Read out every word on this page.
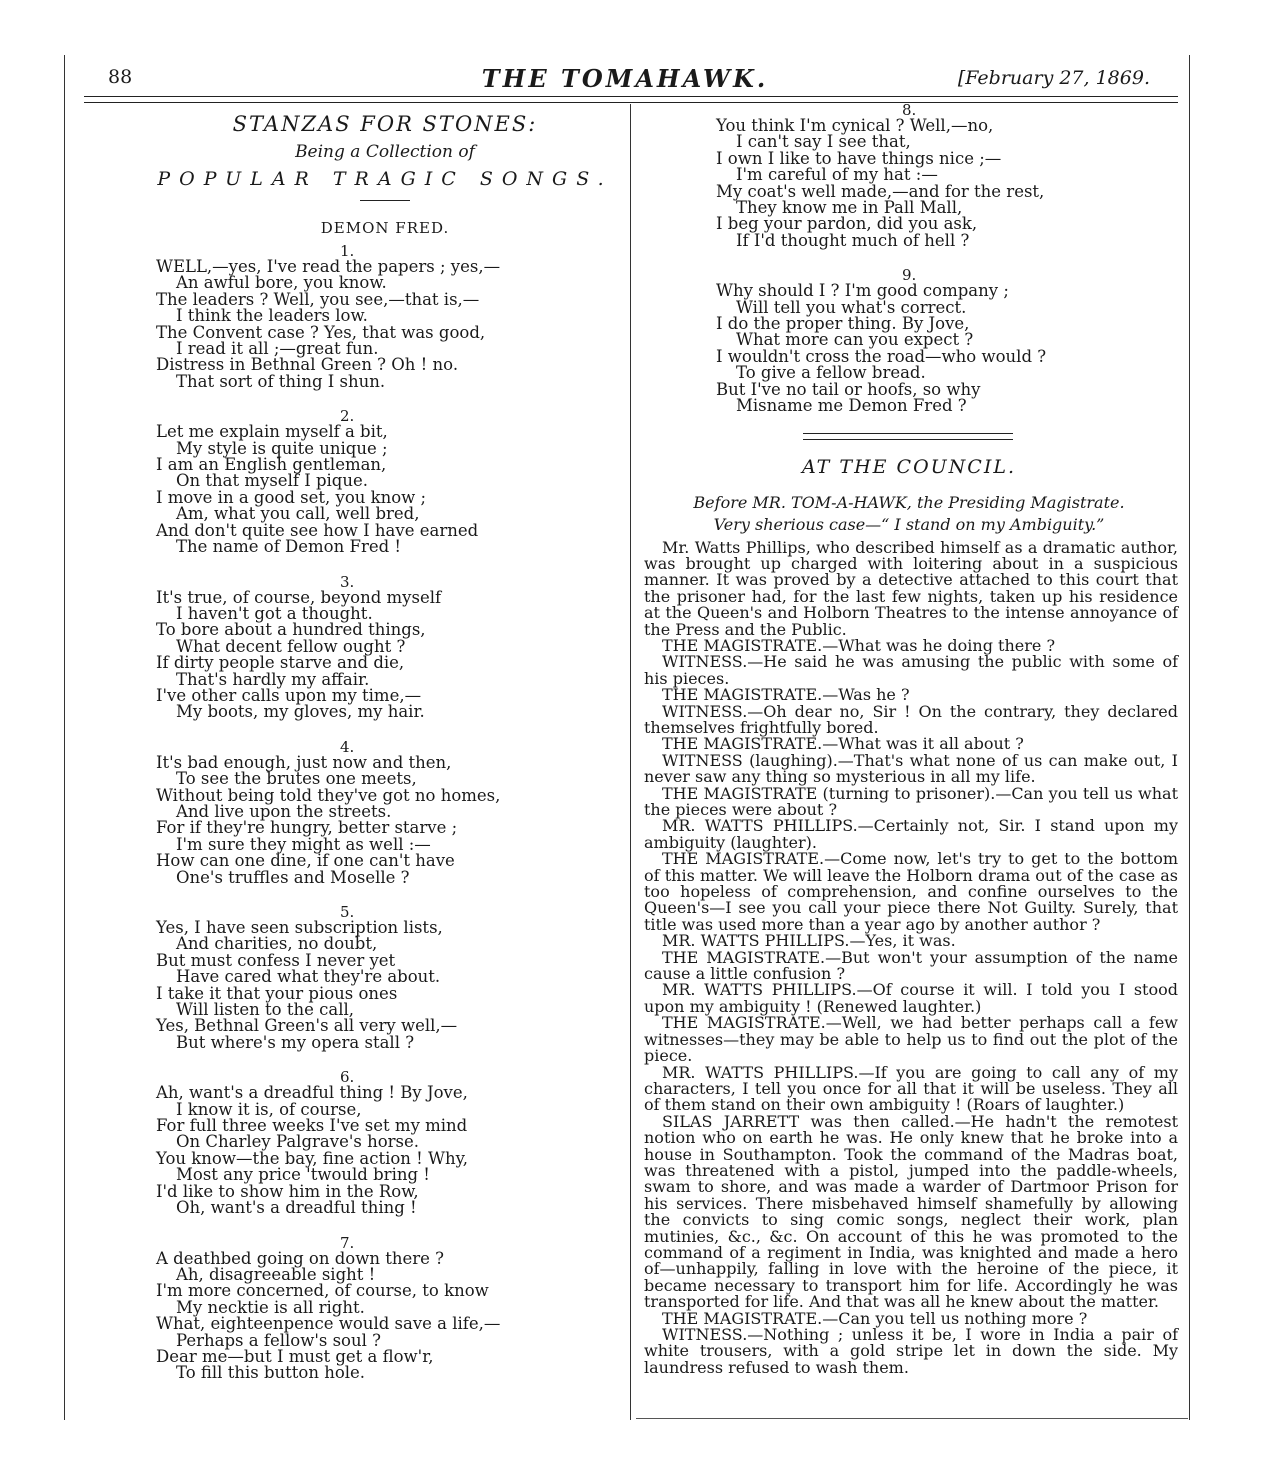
88	THE TOMAHAWK.	[February 27, 1869.
STANZAS FOR STONES:
Being a Collection of
POPULAR TRAGIC SONGS.
DEMON FRED.
1.
WELL,—yes, I've read the papers ; yes,—
An awful bore, you know.
The leaders ? Well, you see,—that is,—
I think the leaders low.
The Convent case ? Yes, that was good,
I read it all ;—great fun.
Distress in Bethnal Green ? Oh ! no.
That sort of thing I shun.
2.
Let me explain myself a bit,
My style is quite unique ;
I am an English gentleman,
On that myself I pique.
I move in a good set, you know ;
Am, what you call, well bred,
And don't quite see how I have earned
The name of Demon Fred !
3.
It's true, of course, beyond myself
I haven't got a thought.
To bore about a hundred things,
What decent fellow ought ?
If dirty people starve and die,
That's hardly my affair.
I've other calls upon my time,—
My boots, my gloves, my hair.
4.
It's bad enough, just now and then,
To see the brutes one meets,
Without being told they've got no homes,
And live upon the streets.
For if they're hungry, better starve ;
I'm sure they might as well :—
How can one dine, if one can't have
One's truffles and Moselle ?
5.
Yes, I have seen subscription lists,
And charities, no doubt,
But must confess I never yet
Have cared what they're about.
I take it that your pious ones
Will listen to the call,
Yes, Bethnal Green's all very well,—
But where's my opera stall ?
6.
Ah, want's a dreadful thing ! By Jove,
I know it is, of course,
For full three weeks I've set my mind
On Charley Palgrave's horse.
You know—the bay, fine action ! Why,
Most any price 'twould bring !
I'd like to show him in the Row,
Oh, want's a dreadful thing !
7.
A deathbed going on down there ?
Ah, disagreeable sight !
I'm more concerned, of course, to know
My necktie is all right.
What, eighteenpence would save a life,—
Perhaps a fellow's soul ?
Dear me—but I must get a flow'r,
To fill this button hole.
8.
You think I'm cynical ? Well,—no,
I can't say I see that,
I own I like to have things nice ;—
I'm careful of my hat :—
My coat's well made,—and for the rest,
They know me in Pall Mall,
I beg your pardon, did you ask,
If I'd thought much of hell ?
9.
Why should I ? I'm good company ;
Will tell you what's correct.
I do the proper thing. By Jove,
What more can you expect ?
I wouldn't cross the road—who would ?
To give a fellow bread.
But I've no tail or hoofs, so why
Misname me Demon Fred ?
AT THE COUNCIL.
Before MR. TOM-A-HAWK, the Presiding Magistrate.
Very sherious case—“ I stand on my Ambiguity.”

Mr. Watts Phillips, who described himself as a dramatic author, was brought up charged with loitering about in a suspicious manner. It was proved by a detective attached to this court that the prisoner had, for the last few nights, taken up his residence at the Queen's and Holborn Theatres to the intense annoyance of the Press and the Public.

THE MAGISTRATE.—What was he doing there ?

WITNESS.—He said he was amusing the public with some of his pieces.

THE MAGISTRATE.—Was he ?

WITNESS.—Oh dear no, Sir ! On the contrary, they declared themselves frightfully bored.

THE MAGISTRATE.—What was it all about ?

WITNESS (laughing).—That's what none of us can make out, I never saw any thing so mysterious in all my life.

THE MAGISTRATE (turning to prisoner).—Can you tell us what the pieces were about ?

MR. WATTS PHILLIPS.—Certainly not, Sir. I stand upon my ambiguity (laughter).

THE MAGISTRATE.—Come now, let's try to get to the bottom of this matter. We will leave the Holborn drama out of the case as too hopeless of comprehension, and confine ourselves to the Queen's—I see you call your piece there Not Guilty. Surely, that title was used more than a year ago by another author ?

MR. WATTS PHILLIPS.—Yes, it was.

THE MAGISTRATE.—But won't your assumption of the name cause a little confusion ?

MR. WATTS PHILLIPS.—Of course it will. I told you I stood upon my ambiguity ! (Renewed laughter.)

THE MAGISTRATE.—Well, we had better perhaps call a few witnesses—they may be able to help us to find out the plot of the piece.

MR. WATTS PHILLIPS.—If you are going to call any of my characters, I tell you once for all that it will be useless. They all of them stand on their own ambiguity ! (Roars of laughter.)

SILAS JARRETT was then called.—He hadn't the remotest notion who on earth he was. He only knew that he broke into a house in Southampton. Took the command of the Madras boat, was threatened with a pistol, jumped into the paddle-wheels, swam to shore, and was made a warder of Dartmoor Prison for his services. There misbehaved himself shamefully by allowing the convicts to sing comic songs, neglect their work, plan mutinies, &c., &c. On account of this he was promoted to the command of a regiment in India, was knighted and made a hero of—unhappily, falling in love with the heroine of the piece, it became necessary to transport him for life. Accordingly he was transported for life. And that was all he knew about the matter.

THE MAGISTRATE.—Can you tell us nothing more ?

WITNESS.—Nothing ; unless it be, I wore in India a pair of white trousers, with a gold stripe let in down the side. My laundress refused to wash them.
